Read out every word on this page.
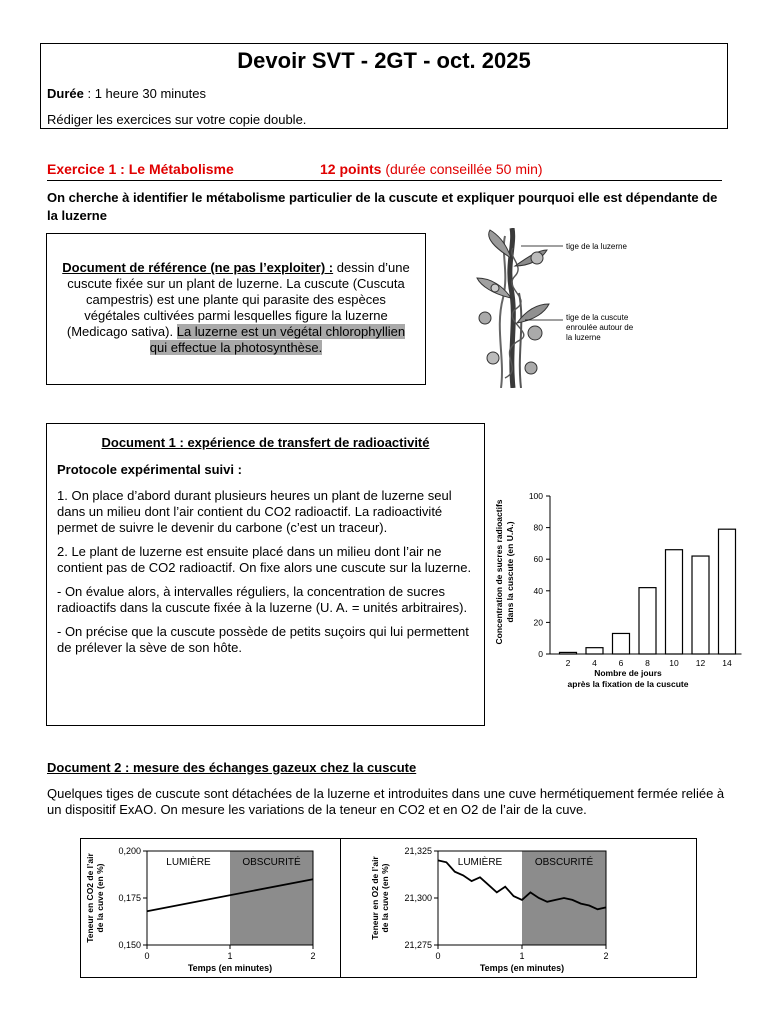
Devoir SVT - 2GT - oct. 2025
Durée : 1 heure 30 minutes
Rédiger les exercices sur votre copie double.
Exercice 1 : Le Métabolisme	12 points (durée conseillée 50 min)
On cherche à identifier le métabolisme particulier de la cuscute et expliquer pourquoi elle est dépendante de la luzerne
Document de référence (ne pas l’exploiter) : dessin d’une cuscute fixée sur un plant de luzerne. La cuscute (Cuscuta campestris) est une plante qui parasite des espèces végétales cultivées parmi lesquelles figure la luzerne (Medicago sativa). La luzerne est un végétal chlorophyllien qui effectue la photosynthèse.
tige de la luzerne
tige de la cuscute
enroulée autour de
la luzerne

Document 1 : expérience de transfert de radioactivité

Protocole expérimental suivi :

1. On place d’abord durant plusieurs heures un plant de luzerne seul dans un milieu dont l’air contient du CO2 radioactif. La radioactivité permet de suivre le devenir du carbone (c’est un traceur).

2. Le plant de luzerne est ensuite placé dans un milieu dont l’air ne contient pas de CO2 radioactif. On fixe alors une cuscute sur la luzerne.

- On évalue alors, à intervalles réguliers, la concentration de sucres radioactifs dans la cuscute fixée à la luzerne (U. A. = unités arbitraires).

- On précise que la cuscute possède de petits suçoirs qui lui permettent de prélever la sève de son hôte.	0
20
40
60
80
100
2	4	6	8 10 12 14
Concentration de sucres radioactifs dans la cuscute (en U.A.)
Nombre de jours
après la fixation de la cuscute
Document 2 : mesure des échanges gazeux chez la cuscute
Quelques tiges de cuscute sont détachées de la luzerne et introduites dans une cuve hermétiquement fermée reliée à un dispositif ExAO. On mesure les variations de la teneur en CO2 et en O2 de l’air de la cuve.
LUMIÈRE	OBSCURITÉ
0,200
0,175
0,150
0	1	2
Temps (en minutes)
Teneur en CO2 de l’air de la cuve (en %)
LUMIÈRE	OBSCURITÉ
21,325
21,300
21,275
0	1	2
Temps (en minutes)
Teneur en O2 de l’air de la cuve (en %)
